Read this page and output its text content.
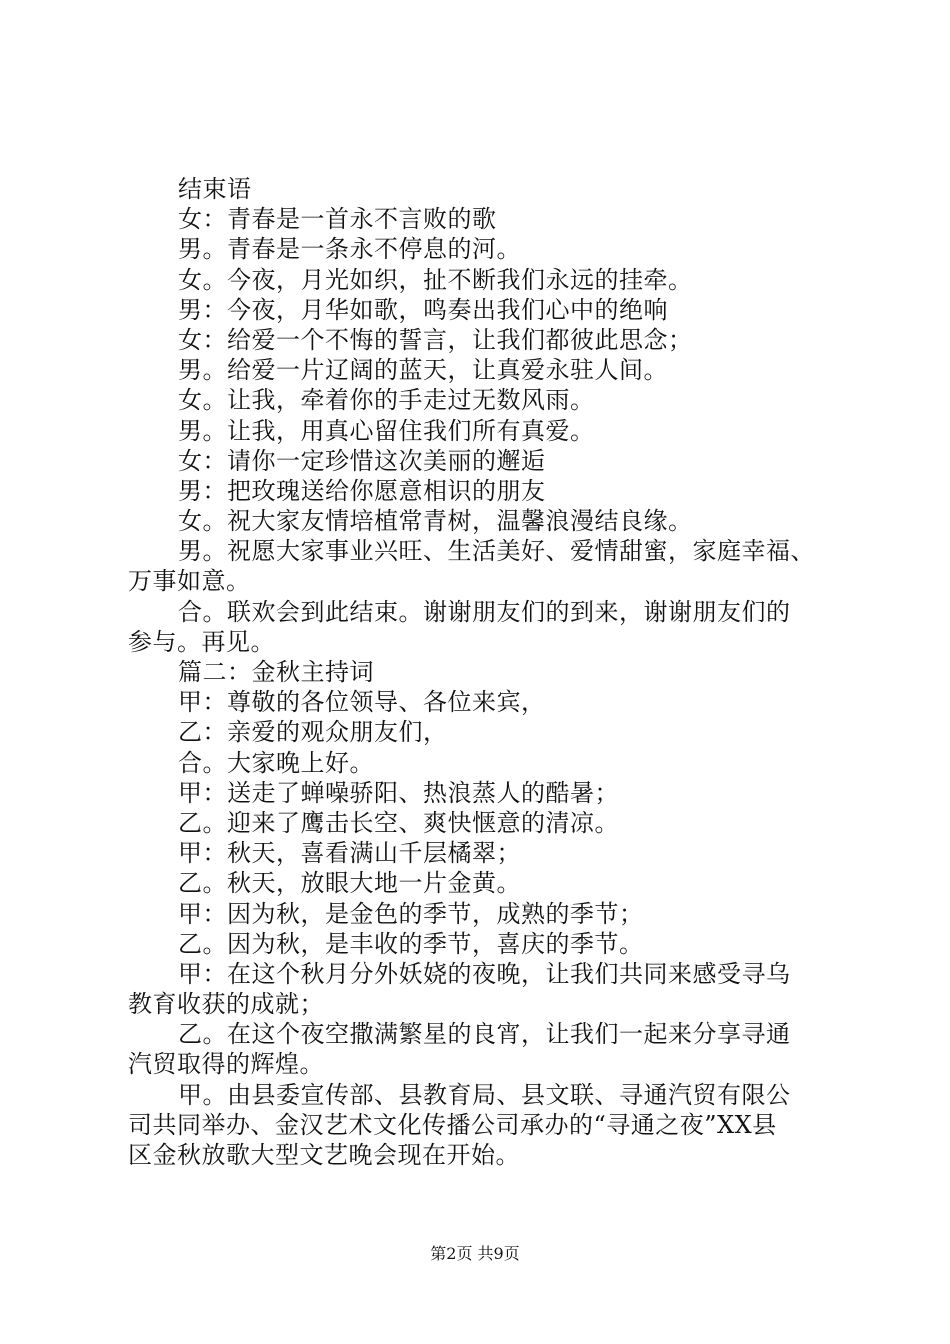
结束语
女：青春是一首永不言败的歌
男。青春是一条永不停息的河。
女。今夜，月光如织，扯不断我们永远的挂牵。
男：今夜，月华如歌，鸣奏出我们心中的绝响
女：给爱一个不悔的誓言，让我们都彼此思念；
男。给爱一片辽阔的蓝天，让真爱永驻人间。
女。让我，牵着你的手走过无数风雨。
男。让我，用真心留住我们所有真爱。
女：请你一定珍惜这次美丽的邂逅
男：把玫瑰送给你愿意相识的朋友
女。祝大家友情培植常青树，温馨浪漫结良缘。
男。祝愿大家事业兴旺、生活美好、爱情甜蜜，家庭幸福、
万事如意。
合。联欢会到此结束。谢谢朋友们的到来，谢谢朋友们的
参与。再见。
篇二：金秋主持词
甲：尊敬的各位领导、各位来宾，
乙：亲爱的观众朋友们，
合。大家晚上好。
甲：送走了蝉噪骄阳、热浪蒸人的酷暑；
乙。迎来了鹰击长空、爽快惬意的清凉。
甲：秋天，喜看满山千层橘翠；
乙。秋天，放眼大地一片金黄。
甲：因为秋，是金色的季节，成熟的季节；
乙。因为秋，是丰收的季节，喜庆的季节。
甲：在这个秋月分外妖娆的夜晚，让我们共同来感受寻乌
教育收获的成就；
乙。在这个夜空撒满繁星的良宵，让我们一起来分享寻通
汽贸取得的辉煌。
甲。由县委宣传部、县教育局、县文联、寻通汽贸有限公
司共同举办、金汉艺术文化传播公司承办的“寻通之夜”XX县
区金秋放歌大型文艺晚会现在开始。
第2页 共9页
